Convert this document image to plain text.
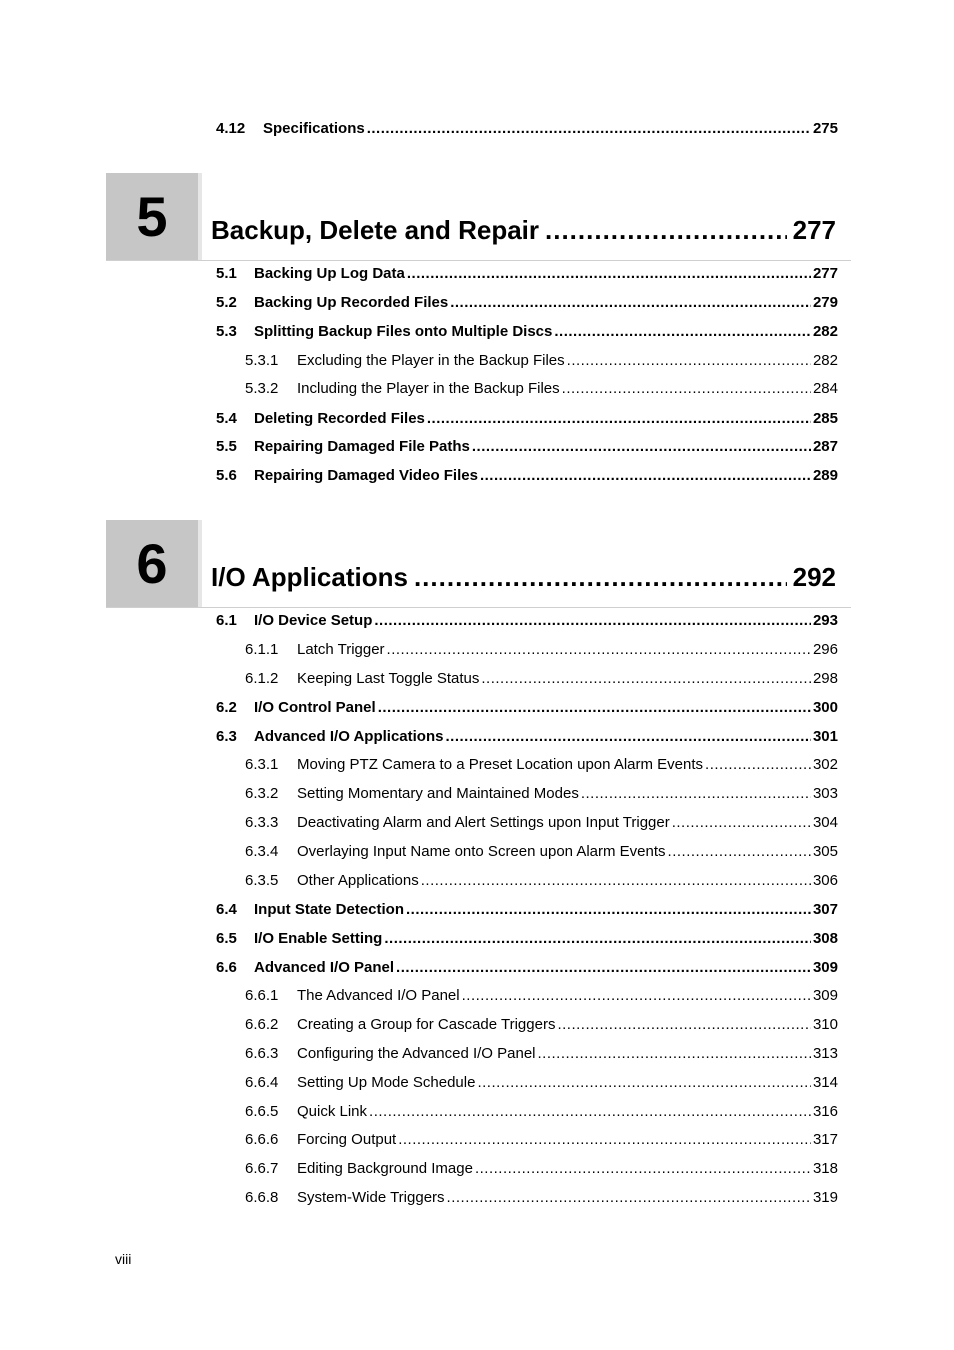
4.12	Specifications .....	275
5 Backup, Delete and Repair .....	277
5.1	Backing Up Log Data .....	277
5.2	Backing Up Recorded Files .....	279
5.3	Splitting Backup Files onto Multiple Discs .....	282
5.3.1	Excluding the Player in the Backup Files .....	282
5.3.2	Including the Player in the Backup Files .....	284
5.4	Deleting Recorded Files .....	285
5.5	Repairing Damaged File Paths .....	287
5.6	Repairing Damaged Video Files .....	289
6 I/O Applications .....	292
6.1	I/O Device Setup .....	293
6.1.1	Latch Trigger .....	296
6.1.2	Keeping Last Toggle Status .....	298
6.2	I/O Control Panel .....	300
6.3	Advanced I/O Applications .....	301
6.3.1	Moving PTZ Camera to a Preset Location upon Alarm Events .....	302
6.3.2	Setting Momentary and Maintained Modes .....	303
6.3.3	Deactivating Alarm and Alert Settings upon Input Trigger .....	304
6.3.4	Overlaying Input Name onto Screen upon Alarm Events .....	305
6.3.5	Other Applications .....	306
6.4	Input State Detection .....	307
6.5	I/O Enable Setting .....	308
6.6	Advanced I/O Panel .....	309
6.6.1	The Advanced I/O Panel .....	309
6.6.2	Creating a Group for Cascade Triggers .....	310
6.6.3	Configuring the Advanced I/O Panel .....	313
6.6.4	Setting Up Mode Schedule .....	314
6.6.5	Quick Link .....	316
6.6.6	Forcing Output .....	317
6.6.7	Editing Background Image .....	318
6.6.8	System-Wide Triggers .....	319
viii
